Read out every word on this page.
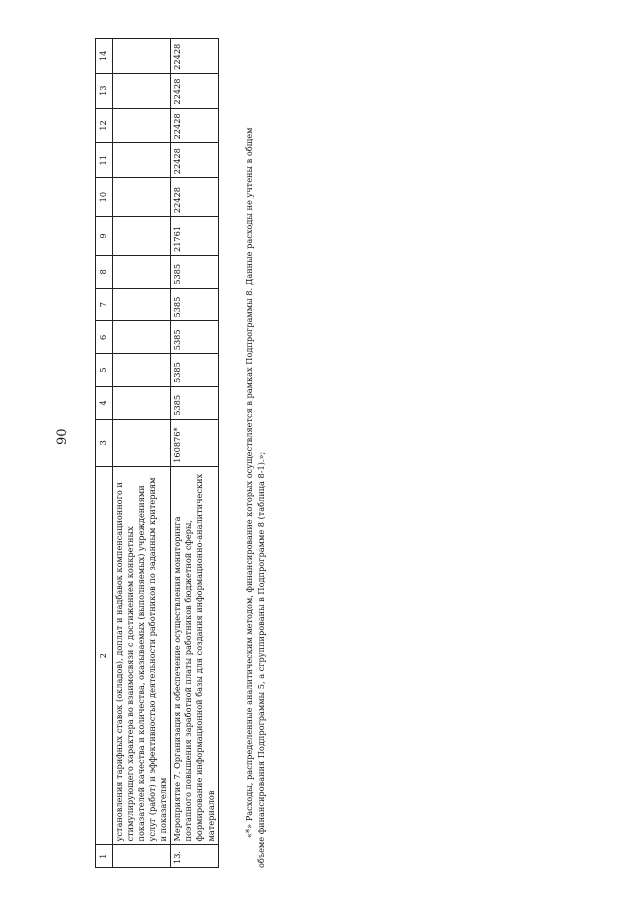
90
1	2	3	4	5	6	7	8	9	10	11	12	13	14
	установления тарифных ставок (окладов), доплат и надбавок компенсационного и стимулирующего характера во взаимосвязи с достижением конкретных показателей качества и количества, оказываемых (выполняемых) учреждениями услуг (работ) и эффективностью деятельности работников по заданным критериям и показателям												
13.	Мероприятие 7. Организация и обеспечение осуществления мониторинга поэтапного повышения заработной платы работников бюджетной сферы, формирование информационной базы для создания информационно-аналитических материалов	160876*	5385	5385	5385	5385	5385	21761	22428	22428	22428	22428	22428

«*» Расходы, распределенные аналитическим методом, финансирование которых осуществляется в рамках Подпрограммы 8. Данные расходы не учтены в общем объеме финансирования Подпрограммы 5, а сгруппированы в Подпрограмме 8 (таблица 8-1).»;
